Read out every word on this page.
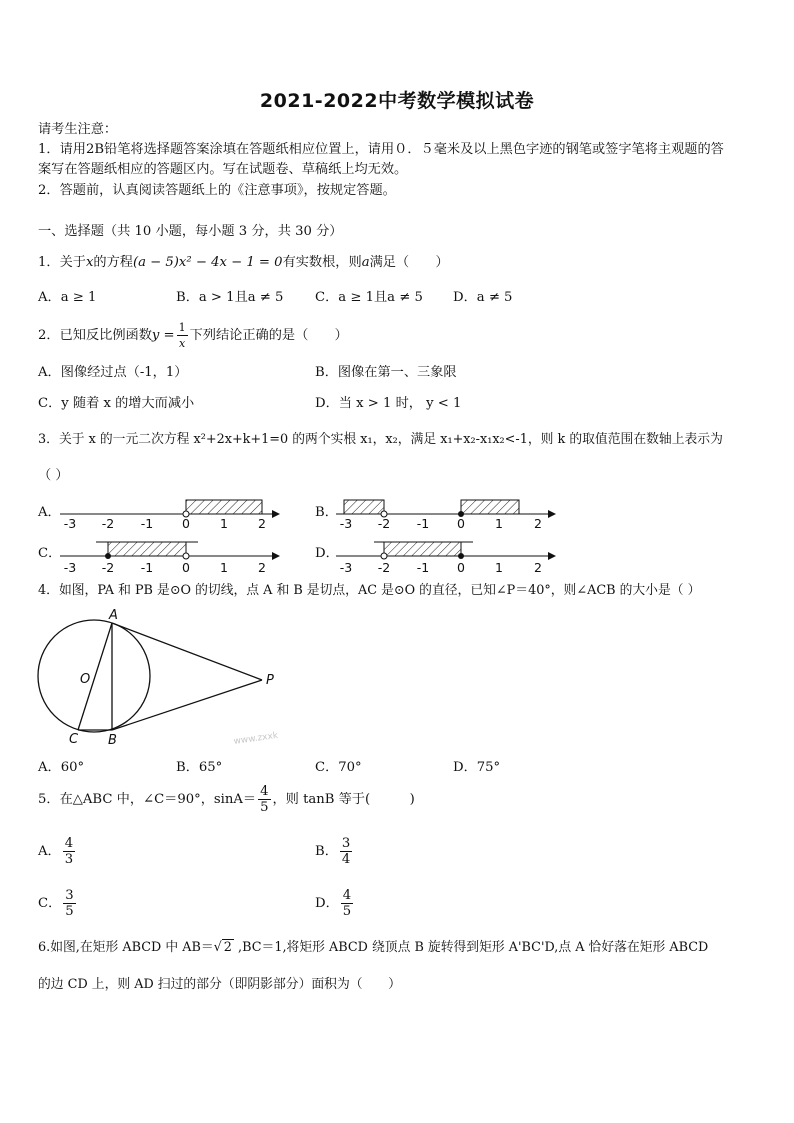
2021-2022中考数学模拟试卷
请考生注意：
1．请用2B铅笔将选择题答案涂填在答题纸相应位置上，请用０．５毫米及以上黑色字迹的钢笔或签字笔将主观题的答
案写在答题纸相应的答题区内。写在试题卷、草稿纸上均无效。
2．答题前，认真阅读答题纸上的《注意事项》，按规定答题。
一、选择题（共 10 小题，每小题 3 分，共 30 分）
1．关于x的方程(a − 5)x² − 4x − 1 = 0有实数根，则a满足（　　）
A．a ≥ 1	B．a > 1且a ≠ 5 C．a ≥ 1且a ≠ 5 D．a ≠ 5
2．已知反比例函数$y = \frac{1}{x}$ 下列结论正确的是（　　）
A．图像经过点（-1，1）	B．图像在第一、三象限
C．y 随着 x 的增大而减小	D．当 x > 1 时， y < 1
3．关于 x 的一元二次方程 x²+2x+k+1=0 的两个实根 x₁，x₂，满足 x₁+x₂-x₁x₂<-1，则 k 的取值范围在数轴上表示为
（ ）
A．	B．
C．	D．
-3 -2 -1 0 1 2	-3 -2 -1 0 1 2
-3 -2 -1 0 1 2	-3 -2 -1 0 1 2
4．如图，PA 和 PB 是⊙O 的切线，点 A 和 B 是切点，AC 是⊙O 的直径，已知∠P＝40°，则∠ACB 的大小是（ ）
A
O	P
C B	www.zxxk
A．60°	B．65°	C．70°	D．75°
5．在△ABC 中，∠C＝90°，$\sin A= \frac{4}{5}$ ，则 tanB 等于(　　　)
A． $\frac{4}{3}$	B． $\frac{3}{4}$
C． $\frac{3}{5}$	D． $\frac{4}{5}$
6.如图,在矩形 ABCD 中 AB＝√ 2 ,BC＝1,将矩形 ABCD 绕顶点 B 旋转得到矩形 A'BC'D,点 A 恰好落在矩形 ABCD
的边 CD 上，则 AD 扫过的部分（即阴影部分）面积为（　　）
